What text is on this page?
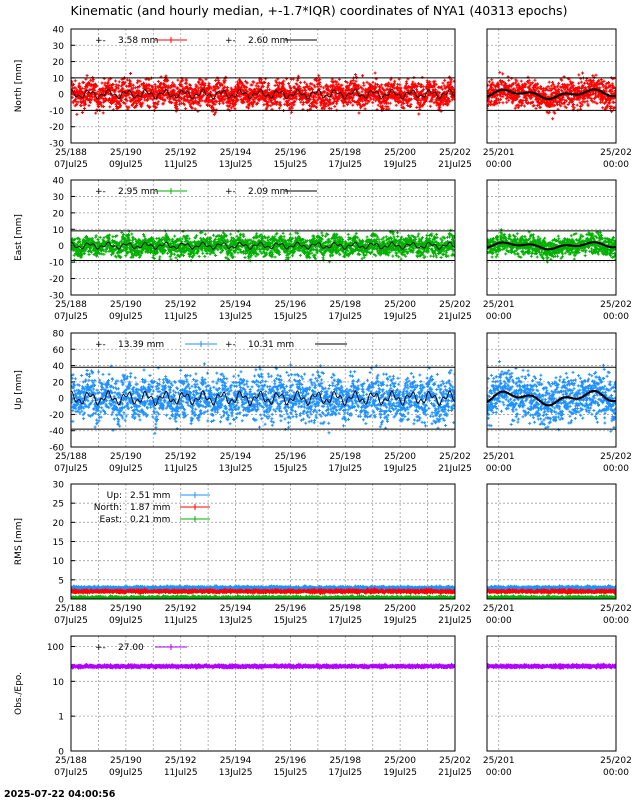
Kinematic (and hourly median, +-1.7*IQR) coordinates of NYA1 (40313 epochs)
40
30
20
10
0
-10
-20
-30
North [mm]
+- 3.58 mm	+- 2.60 mm
25/188
07Jul25
25/190
09Jul25
25/192
11Jul25
25/194
13Jul25
25/196
15Jul25
25/198
17Jul25
25/200
19Jul25
25/202
21Jul25
25/201
00:00
25/202
00:00
40
30
20
10
0
-10
-20
-30
East [mm]
+- 2.95 mm	+- 2.09 mm
25/188
07Jul25
25/190
09Jul25
25/192
11Jul25
25/194
13Jul25
25/196
15Jul25
25/198
17Jul25
25/200
19Jul25
25/202
21Jul25
25/201
00:00
25/202
00:00
80
60
40
20
0
-20
-40
-60
Up [mm]
+- 13.39 mm	+- 10.31 mm
25/188
07Jul25
25/190
09Jul25
25/192
11Jul25
25/194
13Jul25
25/196
15Jul25
25/198
17Jul25
25/200
19Jul25
25/202
21Jul25
25/201
00:00
25/202
00:00
30
25
20
15
10
5
0
RMS [mm]
Up: 2.51 mm
North: 1.87 mm
East: 0.21 mm
25/188
07Jul25
25/190
09Jul25
25/192
11Jul25
25/194
13Jul25
25/196
15Jul25
25/198
17Jul25
25/200
19Jul25
25/202
21Jul25
25/201
00:00
25/202
00:00
100
10
1
0
Obs./Epo.
+- 27.00
25/188
07Jul25
25/190
09Jul25
25/192
11Jul25
25/194
13Jul25
25/196
15Jul25
25/198
17Jul25
25/200
19Jul25
25/202
21Jul25
25/201
00:00
25/202
00:00
2025-07-22 04:00:56
